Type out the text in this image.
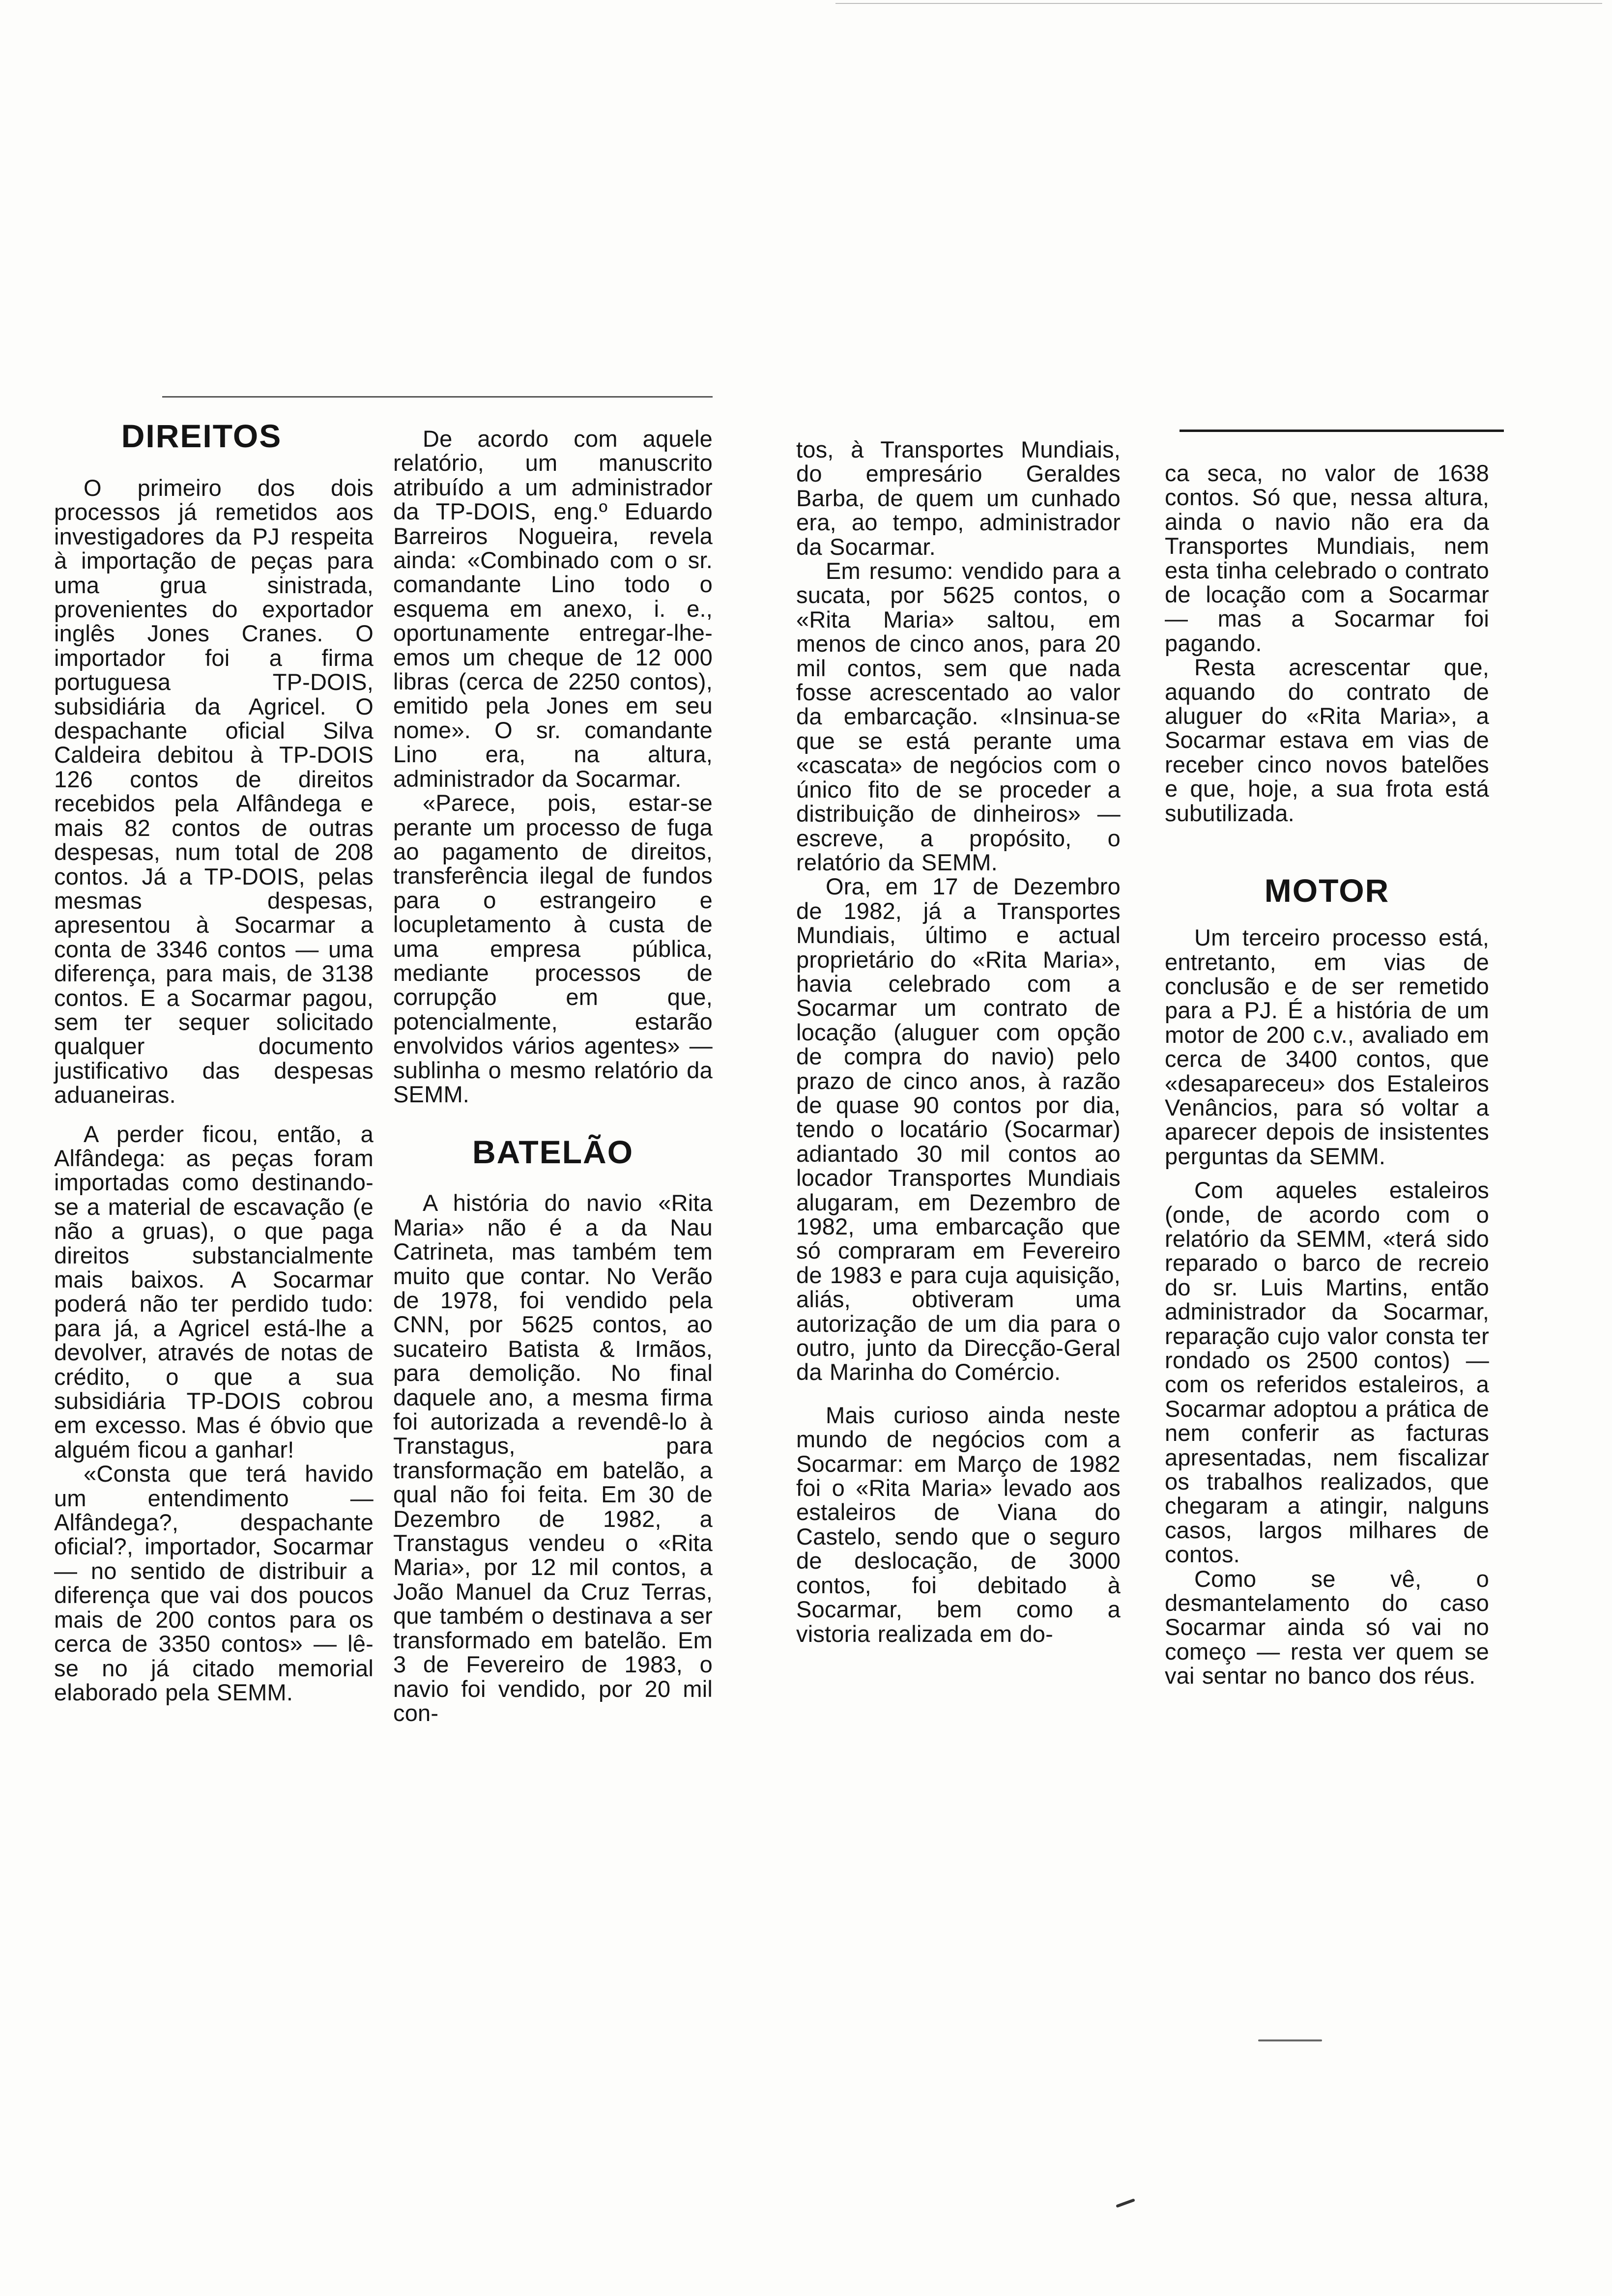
DIREITOS

O primeiro dos dois processos já remetidos aos investigadores da PJ respeita à importação de peças para uma grua sinistrada, provenientes do exportador inglês Jones Cranes. O importador foi a firma portuguesa TP-DOIS, subsidiária da Agricel. O despachante oficial Silva Caldeira debitou à TP-DOIS 126 contos de direitos recebidos pela Alfândega e mais 82 contos de outras despesas, num total de 208 contos. Já a TP-DOIS, pelas mesmas despesas, apresentou à Socarmar a conta de 3346 contos — uma diferença, para mais, de 3138 contos. E a Socarmar pagou, sem ter sequer solicitado qualquer documento justificativo das despesas aduaneiras.

A perder ficou, então, a Alfândega: as peças foram importadas como destinando-se a material de escavação (e não a gruas), o que paga direitos substancialmente mais baixos. A Socarmar poderá não ter perdido tudo: para já, a Agricel está-lhe a devolver, através de notas de crédito, o que a sua subsidiária TP-DOIS cobrou em excesso. Mas é óbvio que alguém ficou a ganhar!

«Consta que terá havido um entendimento — Alfândega?, despachante oficial?, importador, Socarmar — no sentido de distribuir a diferença que vai dos poucos mais de 200 contos para os cerca de 3350 contos» — lê-se no já citado memorial elaborado pela SEMM.

De acordo com aquele relatório, um manuscrito atribuído a um administrador da TP-DOIS, eng.º Eduardo Barreiros Nogueira, revela ainda: «Combinado com o sr. comandante Lino todo o esquema em anexo, i. e., oportunamente entregar-lhe-emos um cheque de 12 000 libras (cerca de 2250 contos), emitido pela Jones em seu nome». O sr. comandante Lino era, na altura, administrador da Socarmar.

«Parece, pois, estar-se perante um processo de fuga ao pagamento de direitos, transferência ilegal de fundos para o estrangeiro e locupletamento à custa de uma empresa pública, mediante processos de corrupção em que, potencialmente, estarão envolvidos vários agentes» — sublinha o mesmo relatório da SEMM.

BATELÃO

A história do navio «Rita Maria» não é a da Nau Catrineta, mas também tem muito que contar. No Verão de 1978, foi vendido pela CNN, por 5625 contos, ao sucateiro Batista & Irmãos, para demolição. No final daquele ano, a mesma firma foi autorizada a revendê-lo à Transtagus, para transformação em batelão, a qual não foi feita. Em 30 de Dezembro de 1982, a Transtagus vendeu o «Rita Maria», por 12 mil contos, a João Manuel da Cruz Terras, que também o destinava a ser transformado em batelão. Em 3 de Fevereiro de 1983, o navio foi vendido, por 20 mil con-

tos, à Transportes Mundiais, do empresário Geraldes Barba, de quem um cunhado era, ao tempo, administrador da Socarmar.

Em resumo: vendido para a sucata, por 5625 contos, o «Rita Maria» saltou, em menos de cinco anos, para 20 mil contos, sem que nada fosse acrescentado ao valor da embarcação. «Insinua-se que se está perante uma «cascata» de negócios com o único fito de se proceder a distribuição de dinheiros» — escreve, a propósito, o relatório da SEMM.

Ora, em 17 de Dezembro de 1982, já a Transportes Mundiais, último e actual proprietário do «Rita Maria», havia celebrado com a Socarmar um contrato de locação (aluguer com opção de compra do navio) pelo prazo de cinco anos, à razão de quase 90 contos por dia, tendo o locatário (Socarmar) adiantado 30 mil contos ao locador Transportes Mundiais alugaram, em Dezembro de 1982, uma embarcação que só compraram em Fevereiro de 1983 e para cuja aquisição, aliás, obtiveram uma autorização de um dia para o outro, junto da Direcção-Geral da Marinha do Comércio.

Mais curioso ainda neste mundo de negócios com a Socarmar: em Março de 1982 foi o «Rita Maria» levado aos estaleiros de Viana do Castelo, sendo que o seguro de deslocação, de 3000 contos, foi debitado à Socarmar, bem como a vistoria realizada em do-

ca seca, no valor de 1638 contos. Só que, nessa altura, ainda o navio não era da Transportes Mundiais, nem esta tinha celebrado o contrato de locação com a Socarmar — mas a Socarmar foi pagando.

Resta acrescentar que, aquando do contrato de aluguer do «Rita Maria», a Socarmar estava em vias de receber cinco novos batelões e que, hoje, a sua frota está subutilizada.

MOTOR

Um terceiro processo está, entretanto, em vias de conclusão e de ser remetido para a PJ. É a história de um motor de 200 c.v., avaliado em cerca de 3400 contos, que «desapareceu» dos Estaleiros Venâncios, para só voltar a aparecer depois de insistentes perguntas da SEMM.

Com aqueles estaleiros (onde, de acordo com o relatório da SEMM, «terá sido reparado o barco de recreio do sr. Luis Martins, então administrador da Socarmar, reparação cujo valor consta ter rondado os 2500 contos) — com os referidos estaleiros, a Socarmar adoptou a prática de nem conferir as facturas apresentadas, nem fiscalizar os trabalhos realizados, que chegaram a atingir, nalguns casos, largos milhares de contos.

Como se vê, o desmantelamento do caso Socarmar ainda só vai no começo — resta ver quem se vai sentar no banco dos réus.
